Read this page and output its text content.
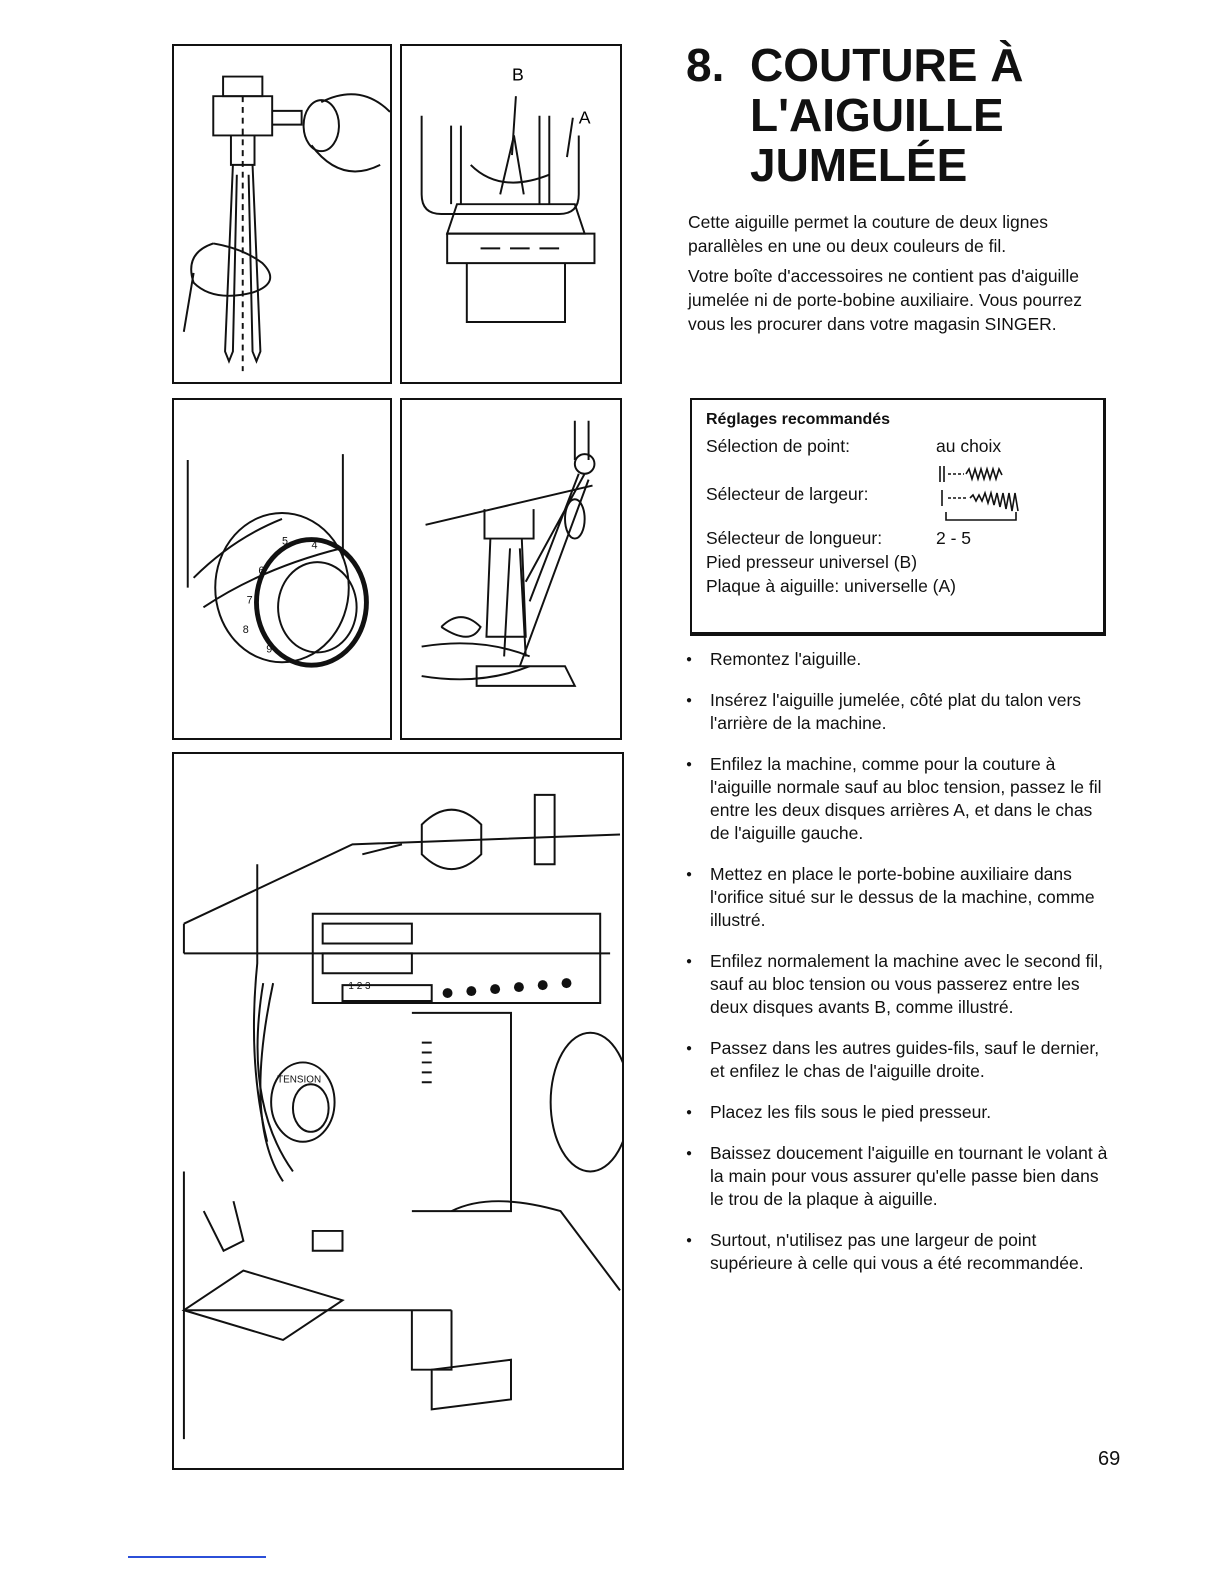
B
A
6
5 4
7
8
9
TENSION
1 2 3
8. COUTURE À
L'AIGUILLE
JUMELÉE

Cette aiguille permet la couture de deux lignes parallèles en une ou deux couleurs de fil.

Votre boîte d'accessoires ne contient pas d'aiguille jumelée ni de porte-bobine auxiliaire. Vous pourrez vous les procurer dans votre magasin SINGER.

Réglages recommandés
Sélection de point:	au choix
Sélecteur de largeur:
Sélecteur de longueur:	2 - 5
Pied presseur universel (B)
Plaque à aiguille: universelle (A)
● Remontez l'aiguille.
● Insérez l'aiguille jumelée, côté plat du talon vers l'arrière de la machine.
● Enfilez la machine, comme pour la couture à l'aiguille normale sauf au bloc tension, passez le fil entre les deux disques arrières A, et dans le chas de l'aiguille gauche.
● Mettez en place le porte-bobine auxiliaire dans l'orifice situé sur le dessus de la machine, comme illustré.
● Enfilez normalement la machine avec le second fil, sauf au bloc tension ou vous passerez entre les deux disques avants B, comme illustré.
● Passez dans les autres guides-fils, sauf le dernier, et enfilez le chas de l'aiguille droite.
● Placez les fils sous le pied presseur.
● Baissez doucement l'aiguille en tournant le volant à la main pour vous assurer qu'elle passe bien dans le trou de la plaque à aiguille.
● Surtout, n'utilisez pas une largeur de point supérieure à celle qui vous a été recommandée.
69
